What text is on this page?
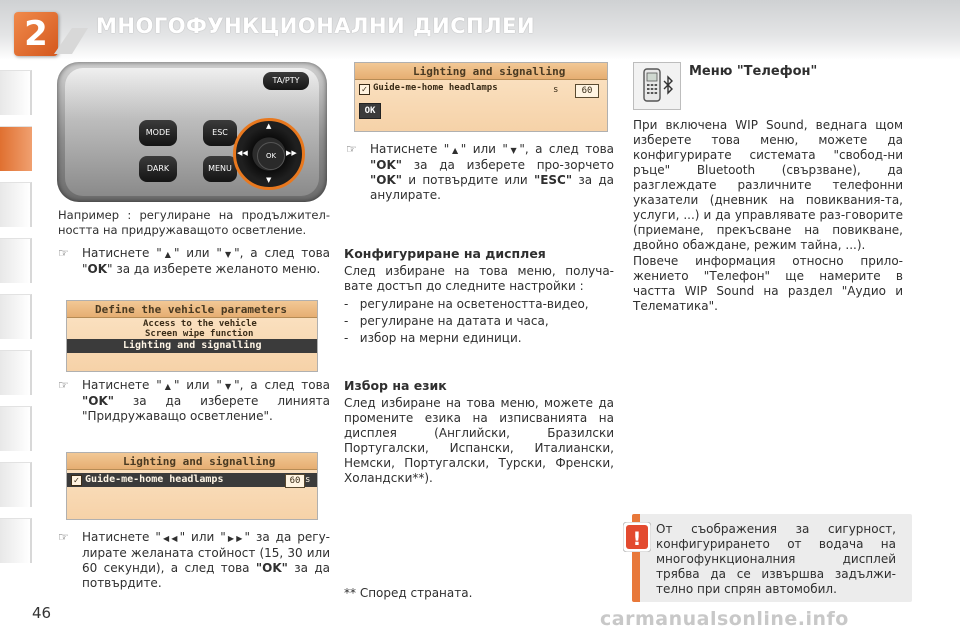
2	МНОГОФУНКЦИОНАЛНИ ДИСПЛЕИ
46
TA/PTY
MODE
DARK
ESC
MENU
OK
▲
▼
◀◀	▶▶
Например : регулиране на продължител-ността на придружаващото осветление.
☞ Натиснете "▲" или "▼", а след това "OK" за да изберете желаното меню.
Define the vehicle parameters
Access to the vehicle
Screen wipe function
Lighting and signalling
☞ Натиснете "▲" или "▼", а след това "OK" за да изберете линията "Придружаващо осветление".
Lighting and signalling
Guide-me-home headlamps
✓	60 s
☞ Натиснете "◀◀" или "▶▶" за да регу-лирате желаната стойност (15, 30 или 60 секунди), а след това "OK" за да потвърдите.
Lighting and signalling
✓ Guide-me-home headlamps	s	60
OK
☞ Натиснете "▲" или "▼", а след това "OK" за да изберете про-зорчето "OK" и потвърдите или "ESC" за да анулирате.
Конфигуриране на дисплея
След избиране на това меню, получа-вате достъп до следните настройки :
-   регулиране на осветеността-видео,
-   регулиране на датата и часа,
-   избор на мерни единици.
Избор на език
След избиране на това меню, можете да промените езика на изписванията на дисплея (Английски, Бразилски Португалски, Испански, Италиански, Немски, Португалски, Турски, Френски, Холандски**).
** Според страната.
Меню "Телефон"
При включена WIP Sound, веднага щом изберете това меню, можете да конфигурирате системата "свобод-ни ръце" Bluetooth (свързване), да разглеждате различните телефонни указатели (дневник на повиквания-та, услуги, ...) и да управлявате раз-говорите (приемане, прекъсване на повикване, двойно обаждане, режим тайна, ...).
Повече информация относно прило-жението "Телефон" ще намерите в частта WIP Sound на раздел "Аудио и Телематика".
! От съображения за сигурност, конфигурирането от водача на многофункционалния дисплей трябва да се извършва задължи-телно при спрян автомобил.
carmanualsonline.info
